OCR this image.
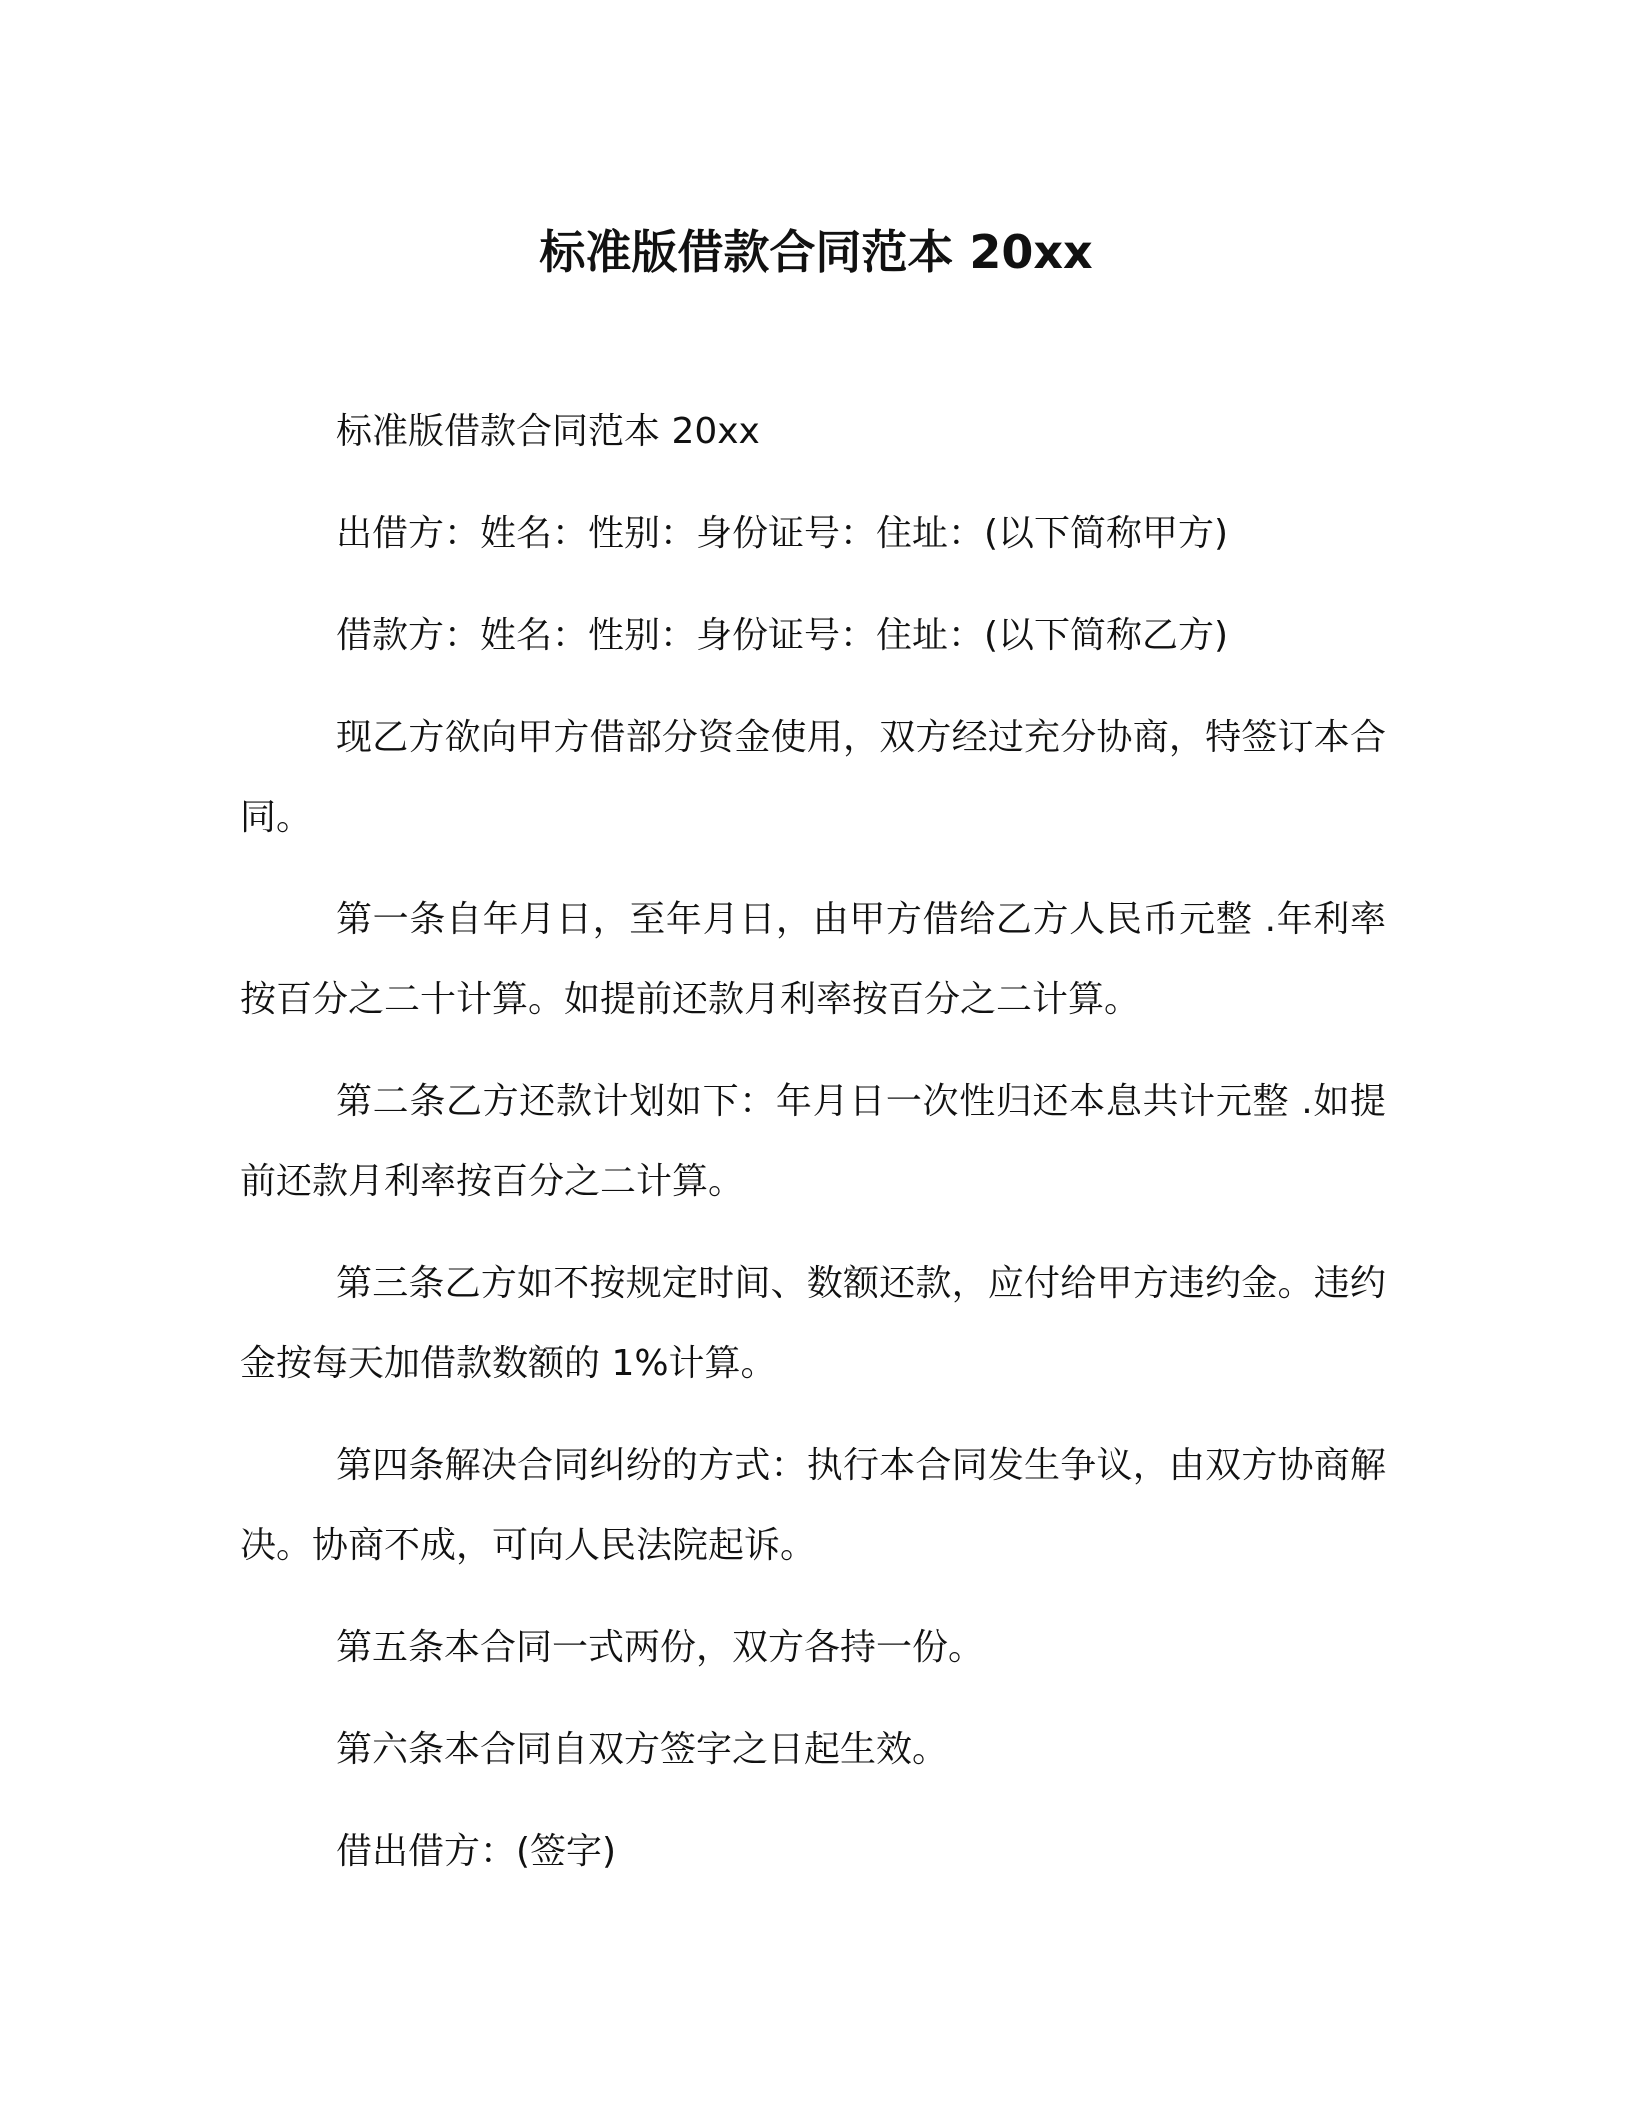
标准版借款合同范本 20xx

标准版借款合同范本 20xx

出借方：姓名：性别：身份证号：住址：(以下简称甲方)

借款方：姓名：性别：身份证号：住址：(以下简称乙方)

现乙方欲向甲方借部分资金使用，双方经过充分协商，特签订本合同。

第一条自年月日，至年月日，由甲方借给乙方人民币元整 .年利率按百分之二十计算。如提前还款月利率按百分之二计算。

第二条乙方还款计划如下：年月日一次性归还本息共计元整 .如提前还款月利率按百分之二计算。

第三条乙方如不按规定时间、数额还款，应付给甲方违约金。违约金按每天加借款数额的 1%计算。

第四条解决合同纠纷的方式：执行本合同发生争议，由双方协商解决。协商不成，可向人民法院起诉。

第五条本合同一式两份，双方各持一份。

第六条本合同自双方签字之日起生效。

借出借方：(签字)
